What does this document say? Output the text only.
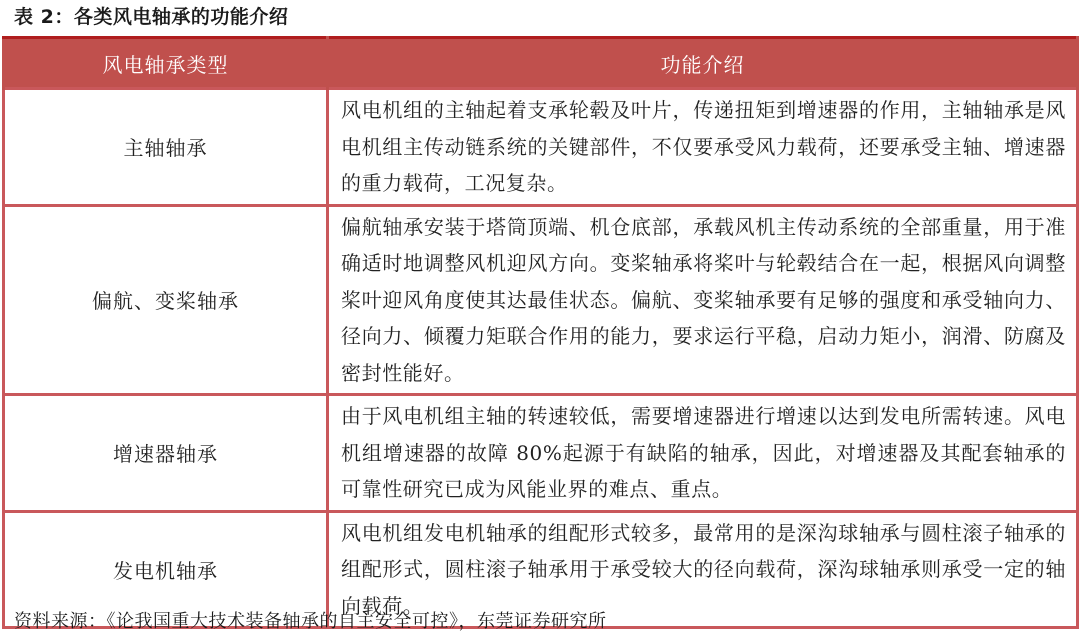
表 2：各类风电轴承的功能介绍
风电轴承类型	功能介绍
主轴轴承	风电机组的主轴起着支承轮毂及叶片，传递扭矩到增速器的作用，主轴轴承是风电机组主传动链系统的关键部件，不仅要承受风力载荷，还要承受主轴、增速器的重力载荷，工况复杂。
偏航、变桨轴承	偏航轴承安装于塔筒顶端、机仓底部，承载风机主传动系统的全部重量，用于准确适时地调整风机迎风方向。变桨轴承将桨叶与轮毂结合在一起，根据风向调整桨叶迎风角度使其达最佳状态。偏航、变桨轴承要有足够的强度和承受轴向力、径向力、倾覆力矩联合作用的能力，要求运行平稳，启动力矩小，润滑、防腐及密封性能好。
增速器轴承	由于风电机组主轴的转速较低，需要增速器进行增速以达到发电所需转速。风电机组增速器的故障 80%起源于有缺陷的轴承，因此，对增速器及其配套轴承的可靠性研究已成为风能业界的难点、重点。
发电机轴承	风电机组发电机轴承的组配形式较多，最常用的是深沟球轴承与圆柱滚子轴承的组配形式，圆柱滚子轴承用于承受较大的径向载荷，深沟球轴承则承受一定的轴向载荷。
资料来源：《论我国重大技术装备轴承的自主安全可控》，东莞证券研究所
